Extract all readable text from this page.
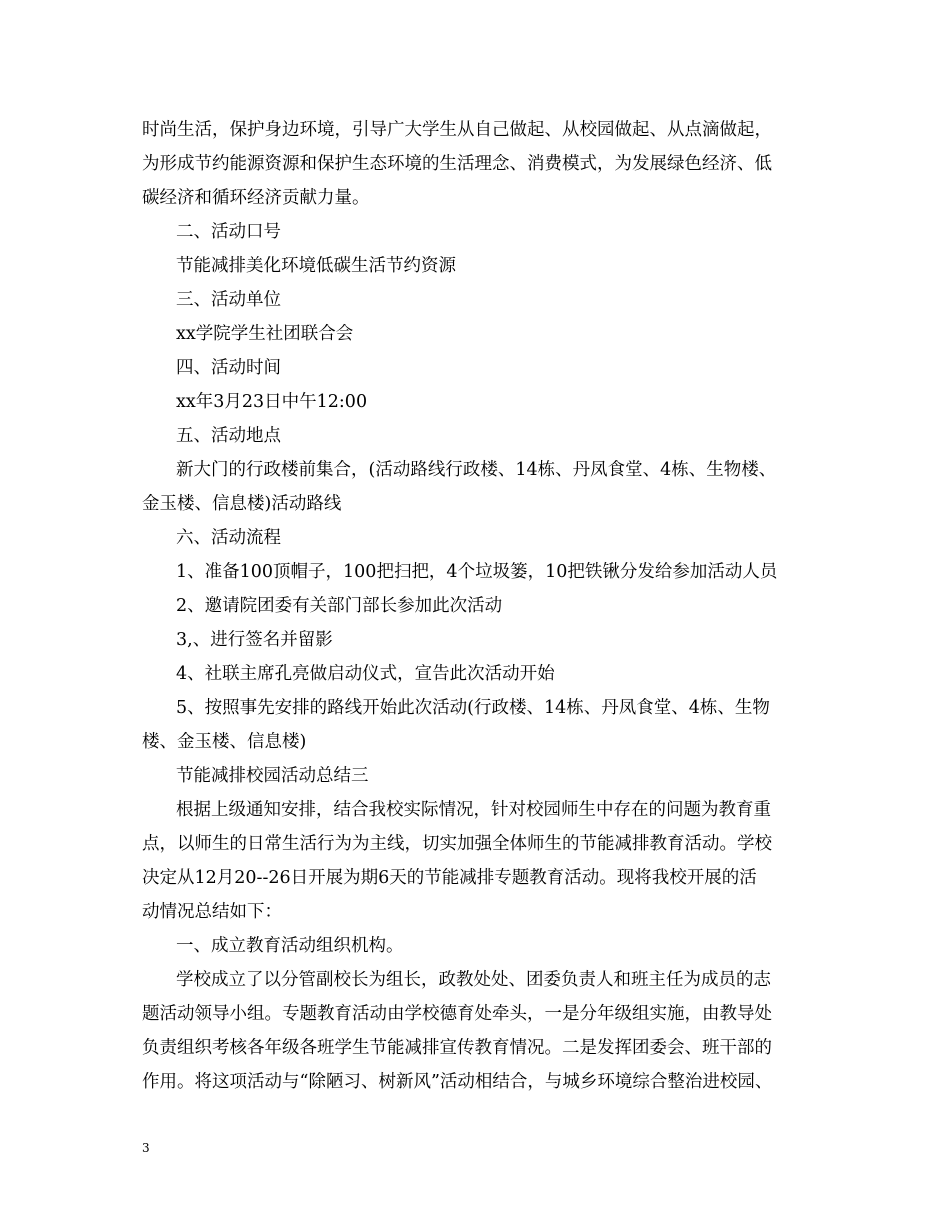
时尚生活，保护身边环境，引导广大学生从自己做起、从校园做起、从点滴做起，
为形成节约能源资源和保护生态环境的生活理念、消费模式，为发展绿色经济、低
碳经济和循环经济贡献力量。
二、活动口号
节能减排美化环境低碳生活节约资源
三、活动单位
xx学院学生社团联合会
四、活动时间
xx年3月23日中午12:00
五、活动地点
新大门的行政楼前集合，(活动路线行政楼、14栋、丹凤食堂、4栋、生物楼、
金玉楼、信息楼)活动路线
六、活动流程
1、准备100顶帽子，100把扫把，4个垃圾篓，10把铁锹分发给参加活动人员
2、邀请院团委有关部门部长参加此次活动
3,、进行签名并留影
4、社联主席孔亮做启动仪式，宣告此次活动开始
5、按照事先安排的路线开始此次活动(行政楼、14栋、丹凤食堂、4栋、生物
楼、金玉楼、信息楼)
节能减排校园活动总结三
根据上级通知安排，结合我校实际情况，针对校园师生中存在的问题为教育重
点，以师生的日常生活行为为主线，切实加强全体师生的节能减排教育活动。学校
决定从12月20--26日开展为期6天的节能减排专题教育活动。现将我校开展的活
动情况总结如下：
一、成立教育活动组织机构。
学校成立了以分管副校长为组长，政教处处、团委负责人和班主任为成员的志
题活动领导小组。专题教育活动由学校德育处牵头，一是分年级组实施，由教导处
负责组织考核各年级各班学生节能减排宣传教育情况。二是发挥团委会、班干部的
作用。将这项活动与“除陋习、树新风”活动相结合，与城乡环境综合整治进校园、
3
